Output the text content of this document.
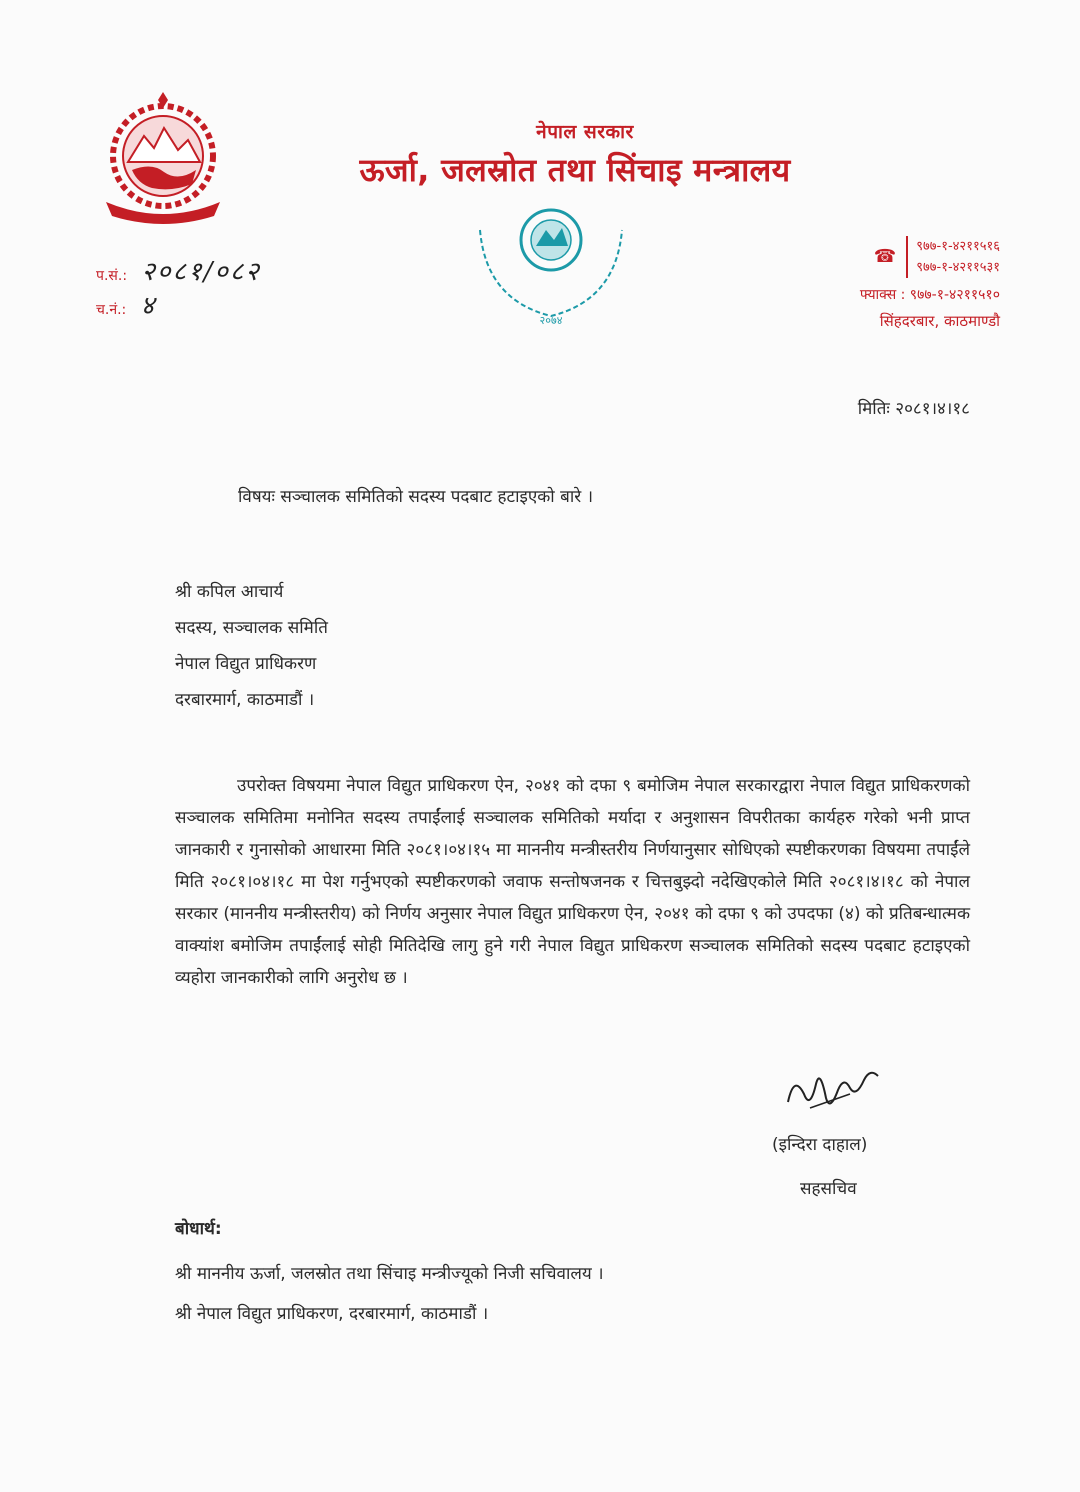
नेपाल सरकार
ऊर्जा, जलस्रोत तथा सिंचाइ मन्त्रालय
प.सं.: २०८१/०८२
च.नं.: ४	२०७४
☎ ९७७-१-४२११५१६
९७७-१-४२११५३१
फ्याक्स : ९७७-१-४२११५१०
सिंहदरबार, काठमाण्डौ
मितिः २०८१।४।१८
विषयः सञ्चालक समितिको सदस्य पदबाट हटाइएको बारे ।
श्री कपिल आचार्य
सदस्य, सञ्चालक समिति
नेपाल विद्युत प्राधिकरण
दरबारमार्ग, काठमाडौं ।
उपरोक्त विषयमा नेपाल विद्युत प्राधिकरण ऐन, २०४१ को दफा ९ बमोजिम नेपाल सरकारद्वारा नेपाल विद्युत प्राधिकरणको सञ्चालक समितिमा मनोनित सदस्य तपाईंलाई सञ्चालक समितिको मर्यादा र अनुशासन विपरीतका कार्यहरु गरेको भनी प्राप्त जानकारी र गुनासोको आधारमा मिति २०८१।०४।१५ मा माननीय मन्त्रीस्तरीय निर्णयानुसार सोधिएको स्पष्टीकरणका विषयमा तपाईंले मिति २०८१।०४।१८ मा पेश गर्नुभएको स्पष्टीकरणको जवाफ सन्तोषजनक र चित्तबुझ्दो नदेखिएकोले मिति २०८१।४।१८ को नेपाल सरकार (माननीय मन्त्रीस्तरीय) को निर्णय अनुसार नेपाल विद्युत प्राधिकरण ऐन, २०४१ को दफा ९ को उपदफा (४) को प्रतिबन्धात्मक वाक्यांश बमोजिम तपाईंलाई सोही मितिदेखि लागु हुने गरी नेपाल विद्युत प्राधिकरण सञ्चालक समितिको सदस्य पदबाट हटाइएको व्यहोरा जानकारीको लागि अनुरोध छ ।
(इन्दिरा दाहाल)
सहसचिव
बोधार्थ:
श्री माननीय ऊर्जा, जलस्रोत तथा सिंचाइ मन्त्रीज्यूको निजी सचिवालय ।
श्री नेपाल विद्युत प्राधिकरण, दरबारमार्ग, काठमाडौं ।
